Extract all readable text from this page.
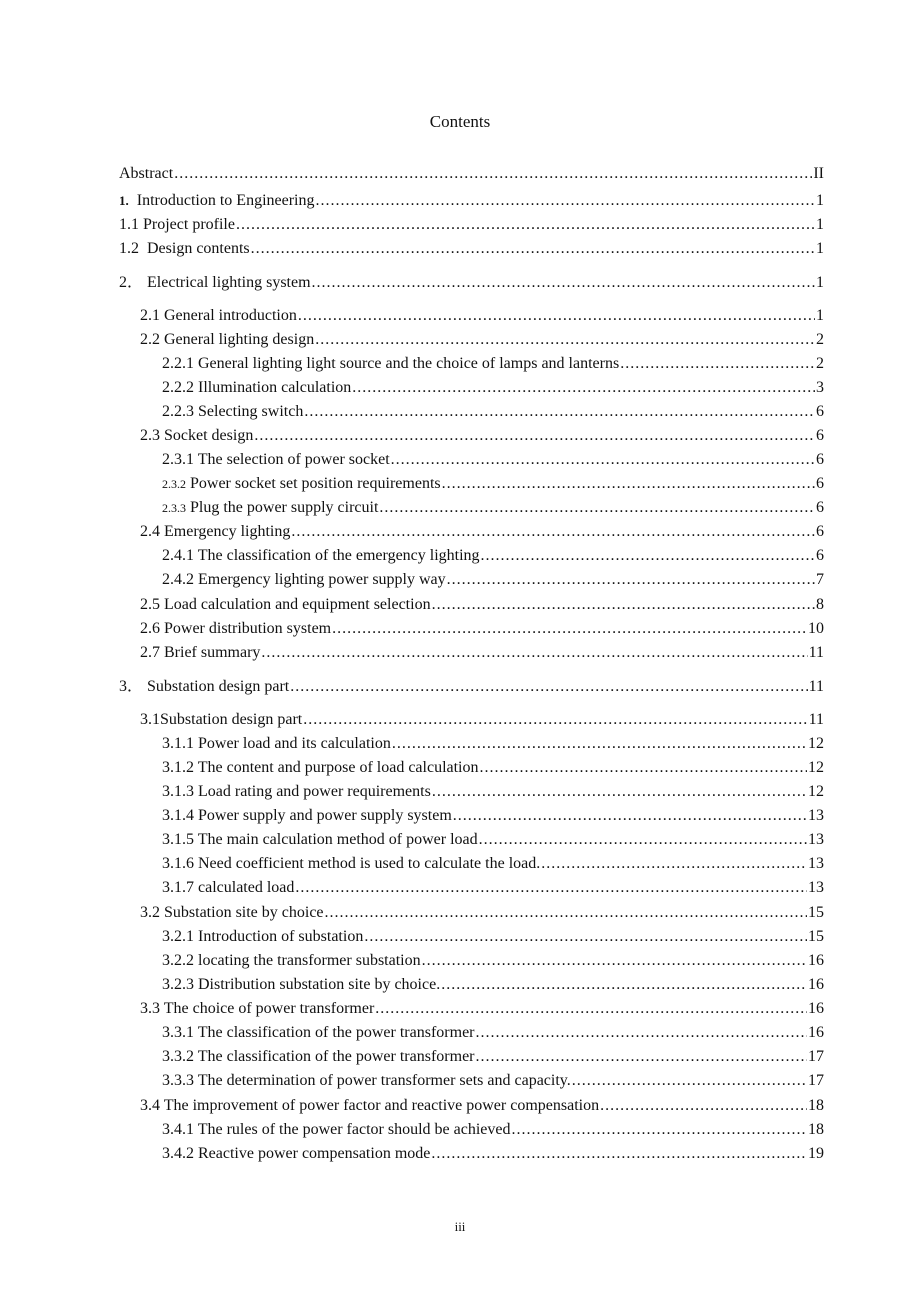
Contents
Abstract .....	II
1. Introduction to Engineering .....	1
1.1 Project profile .....	1
1.2  Design contents .....	1
2． Electrical lighting system .....	1
2.1 General introduction .....	1
2.2 General lighting design .....	2
2.2.1 General lighting light source and the choice of lamps and lanterns .....	2
2.2.2 Illumination calculation .....	3
2.2.3 Selecting switch .....	6
2.3 Socket design .....	6
2.3.1 The selection of power socket .....	6
2.3.2 Power socket set position requirements .....	6
2.3.3 Plug the power supply circuit .....	6
2.4 Emergency lighting .....	6
2.4.1 The classification of the emergency lighting .....	6
2.4.2 Emergency lighting power supply way .....	7
2.5 Load calculation and equipment selection .....	8
2.6 Power distribution system .....	10
2.7 Brief summary .....	11
3． Substation design part .....	11
3.1Substation design part .....	11
3.1.1 Power load and its calculation .....	12
3.1.2 The content and purpose of load calculation .....	12
3.1.3 Load rating and power requirements .....	12
3.1.4 Power supply and power supply system .....	13
3.1.5 The main calculation method of power load .....	13
3.1.6 Need coefficient method is used to calculate the load. .....	13
3.1.7 calculated load .....	13
3.2 Substation site by choice .....	15
3.2.1 Introduction of substation .....	15
3.2.2 locating the transformer substation .....	16
3.2.3 Distribution substation site by choice. .....	16
3.3 The choice of power transformer .....	16
3.3.1 The classification of the power transformer .....	16
3.3.2 The classification of the power transformer .....	17
3.3.3 The determination of power transformer sets and capacity. .....	17
3.4 The improvement of power factor and reactive power compensation .....	18
3.4.1 The rules of the power factor should be achieved .....	18
3.4.2 Reactive power compensation mode .....	19
iii
